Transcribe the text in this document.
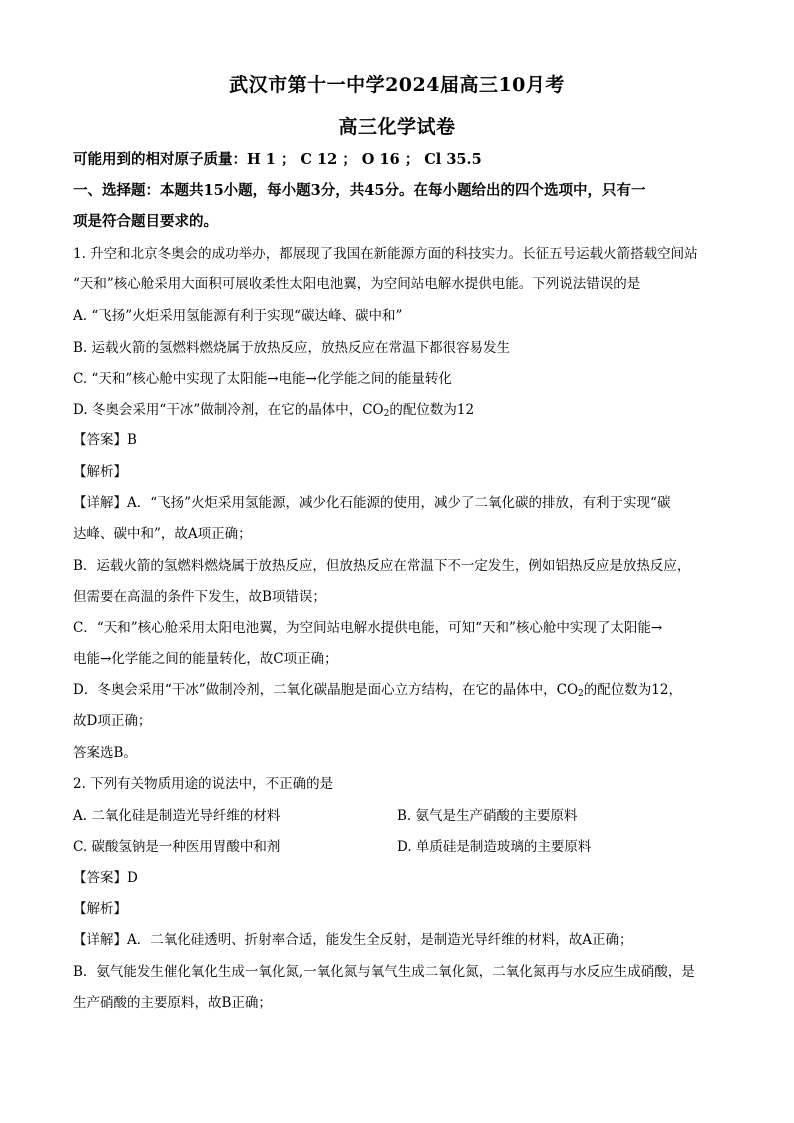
武汉市第十一中学2024届高三10月考
高三化学试卷
可能用到的相对原子质量：H 1 ； C 12 ； O 16 ； Cl 35.5
一、选择题：本题共15小题，每小题3分，共45分。在每小题给出的四个选项中，只有一
项是符合题目要求的。
1. 升空和北京冬奥会的成功举办，都展现了我国在新能源方面的科技实力。长征五号运载火箭搭载空间站
“天和”核心舱采用大面积可展收柔性太阳电池翼，为空间站电解水提供电能。下列说法错误的是
A. “飞扬”火炬采用氢能源有利于实现“碳达峰、碳中和”
B. 运载火箭的氢燃料燃烧属于放热反应，放热反应在常温下都很容易发生
C. “天和”核心舱中实现了太阳能→电能→化学能之间的能量转化
D. 冬奥会采用“干冰”做制冷剂，在它的晶体中，$CO_2$的配位数为12
【答案】B
【解析】
【详解】A．“飞扬”火炬采用氢能源，减少化石能源的使用，减少了二氧化碳的排放，有利于实现“碳
达峰、碳中和”，故A项正确；
B．运载火箭的氢燃料燃烧属于放热反应，但放热反应在常温下不一定发生，例如铝热反应是放热反应，
但需要在高温的条件下发生，故B项错误；
C．“天和”核心舱采用太阳电池翼，为空间站电解水提供电能，可知“天和”核心舱中实现了太阳能→
电能→化学能之间的能量转化，故C项正确；
D．冬奥会采用“干冰”做制冷剂，二氧化碳晶胞是面心立方结构，在它的晶体中，$CO_2$的配位数为12，
故D项正确；
答案选B。
2. 下列有关物质用途的说法中，不正确的是
A. 二氧化硅是制造光导纤维的材料	B. 氨气是生产硝酸的主要原料
C. 碳酸氢钠是一种医用胃酸中和剂	D. 单质硅是制造玻璃的主要原料
【答案】D
【解析】
【详解】A．二氧化硅透明、折射率合适，能发生全反射，是制造光导纤维的材料，故A正确；
B．氨气能发生催化氧化生成一氧化氮,一氧化氮与氧气生成二氧化氮，二氧化氮再与水反应生成硝酸，是
生产硝酸的主要原料，故B正确；
